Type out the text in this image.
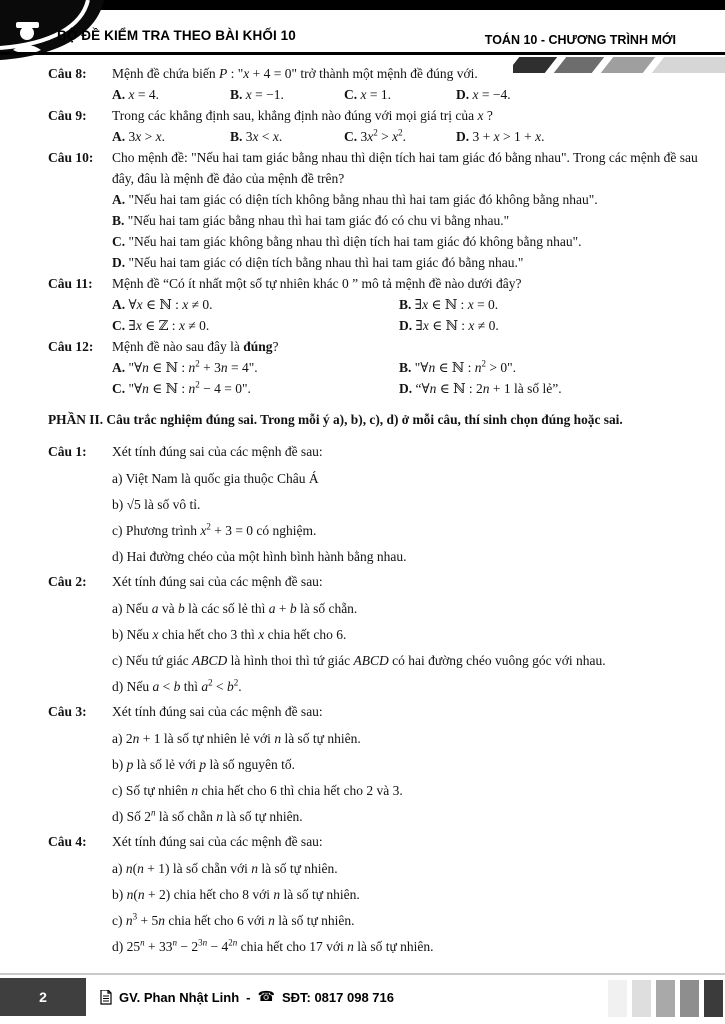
BỘ ĐỀ KIỂM TRA THEO BÀI KHỐI 10	TOÁN 10 - CHƯƠNG TRÌNH MỚI
Câu 8:	Mệnh đề chứa biến P : "x + 4 = 0" trở thành một mệnh đề đúng với.
A. x = 4.	B. x = −1.	C. x = 1.	D. x = −4.
Câu 9:	Trong các khẳng định sau, khẳng định nào đúng với mọi giá trị của x ?
A. 3x > x.	B. 3x < x.	C. $3x^2 > x^2$.	D. 3 + x > 1 + x.
Câu 10:	Cho mệnh đề: "Nếu hai tam giác bằng nhau thì diện tích hai tam giác đó bằng nhau". Trong các mệnh đề sau đây, đâu là mệnh đề đảo của mệnh đề trên?
A. "Nếu hai tam giác có diện tích không bằng nhau thì hai tam giác đó không bằng nhau".
B. "Nếu hai tam giác bằng nhau thì hai tam giác đó có chu vi bằng nhau."
C. "Nếu hai tam giác không bằng nhau thì diện tích hai tam giác đó không bằng nhau".
D. "Nếu hai tam giác có diện tích bằng nhau thì hai tam giác đó bằng nhau."
Câu 11:	Mệnh đề “Có ít nhất một số tự nhiên khác 0 ” mô tả mệnh đề nào dưới đây?
A. ∀x ∈ ℕ : x ≠ 0.	B. ∃x ∈ ℕ : x = 0.
C. ∃x ∈ ℤ : x ≠ 0.	D. ∃x ∈ ℕ : x ≠ 0.
Câu 12:	Mệnh đề nào sau đây là đúng?
A. "∀n ∈ ℕ : $n^2 + 3n = 4$".	B. "∀n ∈ ℕ : $n^2 > 0$".
C. "∀n ∈ ℕ : $n^2 - 4 = 0$".	D. “∀n ∈ ℕ : 2n + 1 là số lẻ”.
PHẦN II. Câu trắc nghiệm đúng sai. Trong mỗi ý a), b), c), d) ở mỗi câu, thí sinh chọn đúng hoặc sai.
Câu 1:	Xét tính đúng sai của các mệnh đề sau:
a) Việt Nam là quốc gia thuộc Châu Á
b) √5 là số vô tỉ.
c) Phương trình $x^2 + 3 = 0$ có nghiệm.
d) Hai đường chéo của một hình bình hành bằng nhau.
Câu 2:	Xét tính đúng sai của các mệnh đề sau:
a) Nếu a và b là các số lẻ thì a + b là số chẵn.
b) Nếu x chia hết cho 3 thì x chia hết cho 6.
c) Nếu tứ giác ABCD là hình thoi thì tứ giác ABCD có hai đường chéo vuông góc với nhau.
d) Nếu a < b thì $a^2 < b^2$.
Câu 3:	Xét tính đúng sai của các mệnh đề sau:
a) 2n + 1 là số tự nhiên lẻ với n là số tự nhiên.
b) p là số lẻ với p là số nguyên tố.
c) Số tự nhiên n chia hết cho 6 thì chia hết cho 2 và 3.
d) Số 2$^n$ là số chẵn n là số tự nhiên.
Câu 4:	Xét tính đúng sai của các mệnh đề sau:
a) n(n + 1) là số chẵn với n là số tự nhiên.
b) n(n + 2) chia hết cho 8 với n là số tự nhiên.
c) $n^3 + 5n$ chia hết cho 6 với n là số tự nhiên.
d) $25^n + 33^n - 2^{3n} - 4^{2n}$ chia hết cho 17 với n là số tự nhiên.
2	GV. Phan Nhật Linh - ☎ SĐT: 0817 098 716
